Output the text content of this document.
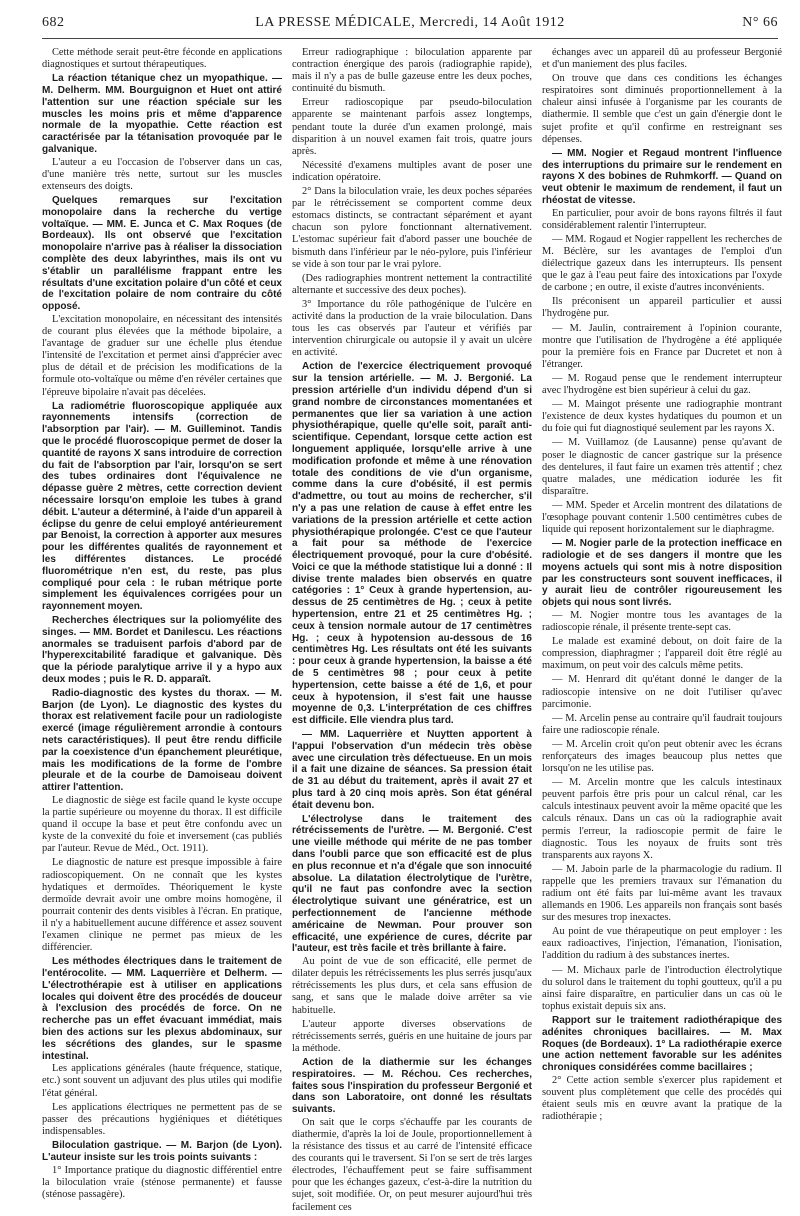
682	LA PRESSE MÉDICALE, Mercredi, 14 Août 1912	N° 66

Cette méthode serait peut-être féconde en applications diagnostiques et surtout thérapeutiques.

La réaction tétanique chez un myopathique. — M. Delherm. MM. Bourguignon et Huet ont attiré l'attention sur une réaction spéciale sur les muscles les moins pris et même d'apparence normale de la myopathie. Cette réaction est caractérisée par la tétanisation provoquée par le galvanique.

L'auteur a eu l'occasion de l'observer dans un cas, d'une manière très nette, surtout sur les muscles extenseurs des doigts.

Quelques remarques sur l'excitation monopolaire dans la recherche du vertige voltaïque. — MM. E. Junca et C. Max Roques (de Bordeaux). Ils ont observé que l'excitation monopolaire n'arrive pas à réaliser la dissociation complète des deux labyrinthes, mais ils ont vu s'établir un parallélisme frappant entre les résultats d'une excitation polaire d'un côté et ceux de l'excitation polaire de nom contraire du côté opposé.

L'excitation monopolaire, en nécessitant des intensités de courant plus élevées que la méthode bipolaire, a l'avantage de graduer sur une échelle plus étendue l'intensité de l'excitation et permet ainsi d'apprécier avec plus de détail et de précision les modifications de la formule oto-voltaïque ou même d'en révéler certaines que l'épreuve bipolaire n'avait pas décelées.

La radiométrie fluoroscopique appliquée aux rayonnements intensifs (correction de l'absorption par l'air). — M. Guilleminot. Tandis que le procédé fluoroscopique permet de doser la quantité de rayons X sans introduire de correction du fait de l'absorption par l'air, lorsqu'on se sert des tubes ordinaires dont l'équivalence ne dépasse guère 2 mètres, cette correction devient nécessaire lorsqu'on emploie les tubes à grand débit. L'auteur a déterminé, à l'aide d'un appareil à éclipse du genre de celui employé antérieurement par Benoist, la correction à apporter aux mesures pour les différentes qualités de rayonnement et les différentes distances. Le procédé fluorométrique n'en est, du reste, pas plus compliqué pour cela : le ruban métrique porte simplement les équivalences corrigées pour un rayonnement moyen.

Recherches électriques sur la poliomyélite des singes. — MM. Bordet et Danilescu. Les réactions anormales se traduisent parfois d'abord par de l'hyperexcitabilité faradique et galvanique. Dès que la période paralytique arrive il y a hypo aux deux modes ; puis le R. D. apparaît.

Radio-diagnostic des kystes du thorax. — M. Barjon (de Lyon). Le diagnostic des kystes du thorax est relativement facile pour un radiologiste exercé (image régulièrement arrondie à contours nets caractéristiques). Il peut être rendu difficile par la coexistence d'un épanchement pleurétique, mais les modifications de la forme de l'ombre pleurale et de la courbe de Damoiseau doivent attirer l'attention.

Le diagnostic de siège est facile quand le kyste occupe la partie supérieure ou moyenne du thorax. Il est difficile quand il occupe la base et peut être confondu avec un kyste de la convexité du foie et inversement (cas publiés par l'auteur. Revue de Méd., Oct. 1911).

Le diagnostic de nature est presque impossible à faire radioscopiquement. On ne connaît que les kystes hydatiques et dermoïdes. Théoriquement le kyste dermoïde devrait avoir une ombre moins homogène, il pourrait contenir des dents visibles à l'écran. En pratique, il n'y a habituellement aucune différence et assez souvent l'examen clinique ne permet pas mieux de les différencier.

Les méthodes électriques dans le traitement de l'entérocolite. — MM. Laquerrière et Delherm. — L'électrothérapie est à utiliser en applications locales qui doivent être des procédés de douceur à l'exclusion des procédés de force. On ne recherche pas un effet évacuant immédiat, mais bien des actions sur les plexus abdominaux, sur les sécrétions des glandes, sur le spasme intestinal.

Les applications générales (haute fréquence, statique, etc.) sont souvent un adjuvant des plus utiles qui modifie l'état général.

Les applications électriques ne permettent pas de se passer des précautions hygiéniques et diététiques indispensables.

Biloculation gastrique. — M. Barjon (de Lyon). L'auteur insiste sur les trois points suivants :

1° Importance pratique du diagnostic différentiel entre la biloculation vraie (sténose permanente) et fausse (sténose passagère).

Erreur radiographique : biloculation apparente par contraction énergique des parois (radiographie rapide), mais il n'y a pas de bulle gazeuse entre les deux poches, continuité du bismuth.

Erreur radioscopique par pseudo-biloculation apparente se maintenant parfois assez longtemps, pendant toute la durée d'un examen prolongé, mais disparition à un nouvel examen fait trois, quatre jours après.

Nécessité d'examens multiples avant de poser une indication opératoire.

2° Dans la biloculation vraie, les deux poches séparées par le rétrécissement se comportent comme deux estomacs distincts, se contractant séparément et ayant chacun son pylore fonctionnant alternativement. L'estomac supérieur fait d'abord passer une bouchée de bismuth dans l'inférieur par le néo-pylore, puis l'inférieur se vide à son tour par le vrai pylore.

(Des radiographies montrent nettement la contractilité alternante et successive des deux poches).

3° Importance du rôle pathogénique de l'ulcère en activité dans la production de la vraie biloculation. Dans tous les cas observés par l'auteur et vérifiés par intervention chirurgicale ou autopsie il y avait un ulcère en activité.

Action de l'exercice électriquement provoqué sur la tension artérielle. — M. J. Bergonié. La pression artérielle d'un individu dépend d'un si grand nombre de circonstances momentanées et permanentes que lier sa variation à une action physiothérapique, quelle qu'elle soit, paraît anti-scientifique. Cependant, lorsque cette action est longuement appliquée, lorsqu'elle arrive à une modification profonde et même à une rénovation totale des conditions de vie d'un organisme, comme dans la cure d'obésité, il est permis d'admettre, ou tout au moins de rechercher, s'il n'y a pas une relation de cause à effet entre les variations de la pression artérielle et cette action physiothérapique prolongée. C'est ce que l'auteur a fait pour sa méthode de l'exercice électriquement provoqué, pour la cure d'obésité. Voici ce que la méthode statistique lui a donné : Il divise trente malades bien observés en quatre catégories : 1° Ceux à grande hypertension, au-dessus de 25 centimètres de Hg. ; ceux à petite hypertension, entre 21 et 25 centimètres Hg. ; ceux à tension normale autour de 17 centimètres Hg. ; ceux à hypotension au-dessous de 16 centimètres Hg. Les résultats ont été les suivants : pour ceux à grande hypertension, la baisse a été de 5 centimètres 98 ; pour ceux à petite hypertension, cette baisse a été de 1,6, et pour ceux à hypotension, il s'est fait une hausse moyenne de 0,3. L'interprétation de ces chiffres est difficile. Elle viendra plus tard.

— MM. Laquerrière et Nuytten apportent à l'appui l'observation d'un médecin très obèse avec une circulation très défectueuse. En un mois il a fait une dizaine de séances. Sa pression était de 31 au début du traitement, après il avait 27 et plus tard à 20 cinq mois après. Son état général était devenu bon.

L'électrolyse dans le traitement des rétrécissements de l'urètre. — M. Bergonié. C'est une vieille méthode qui mérite de ne pas tomber dans l'oubli parce que son efficacité est de plus en plus reconnue et n'a d'égale que son innocuité absolue. La dilatation électrolytique de l'urètre, qu'il ne faut pas confondre avec la section électrolytique suivant une génératrice, est un perfectionnement de l'ancienne méthode américaine de Newman. Pour prouver son efficacité, une expérience de cures, décrite par l'auteur, est très facile et très brillante à faire.

Au point de vue de son efficacité, elle permet de dilater depuis les rétrécissements les plus serrés jusqu'aux rétrécissements les plus durs, et cela sans effusion de sang, et sans que le malade doive arrêter sa vie habituelle.

L'auteur apporte diverses observations de rétrécissements serrés, guéris en une huitaine de jours par la méthode.

Action de la diathermie sur les échanges respiratoires. — M. Réchou. Ces recherches, faites sous l'inspiration du professeur Bergonié et dans son Laboratoire, ont donné les résultats suivants.

On sait que le corps s'échauffe par les courants de diathermie, d'après la loi de Joule, proportionnellement à la résistance des tissus et au carré de l'intensité efficace des courants qui le traversent. Si l'on se sert de très larges électrodes, l'échauffement peut se faire suffisamment pour que les échanges gazeux, c'est-à-dire la nutrition du sujet, soit modifiée. Or, on peut mesurer aujourd'hui très facilement ces

échanges avec un appareil dû au professeur Bergonié et d'un maniement des plus faciles.

On trouve que dans ces conditions les échanges respiratoires sont diminués proportionnellement à la chaleur ainsi infusée à l'organisme par les courants de diathermie. Il semble que c'est un gain d'énergie dont le sujet profite et qu'il confirme en restreignant ses dépenses.

— MM. Nogier et Regaud montrent l'influence des interruptions du primaire sur le rendement en rayons X des bobines de Ruhmkorff. — Quand on veut obtenir le maximum de rendement, il faut un rhéostat de vitesse.

En particulier, pour avoir de bons rayons filtrés il faut considérablement ralentir l'interrupteur.

— MM. Rogaud et Nogier rappellent les recherches de M. Béclère, sur les avantages de l'emploi d'un diélectrique gazeux dans les interrupteurs. Ils pensent que le gaz à l'eau peut faire des intoxications par l'oxyde de carbone ; en outre, il existe d'autres inconvénients.

Ils préconisent un appareil particulier et aussi l'hydrogène pur.

— M. Jaulin, contrairement à l'opinion courante, montre que l'utilisation de l'hydrogène a été appliquée pour la première fois en France par Ducretet et non à l'étranger.

— M. Rogaud pense que le rendement interrupteur avec l'hydrogène est bien supérieur à celui du gaz.

— M. Maingot présente une radiographie montrant l'existence de deux kystes hydatiques du poumon et un du foie qui fut diagnostiqué seulement par les rayons X.

— M. Vuillamoz (de Lausanne) pense qu'avant de poser le diagnostic de cancer gastrique sur la présence des dentelures, il faut faire un examen très attentif ; chez quatre malades, une médication iodurée les fit disparaître.

— MM. Speder et Arcelin montrent des dilatations de l'œsophage pouvant contenir 1.500 centimètres cubes de liquide qui reposent horizontalement sur le diaphragme.

— M. Nogier parle de la protection inefficace en radiologie et de ses dangers il montre que les moyens actuels qui sont mis à notre disposition par les constructeurs sont souvent inefficaces, il y aurait lieu de contrôler rigoureusement les objets qui nous sont livrés.

— M. Nogier montre tous les avantages de la radioscopie rénale, il présente trente-sept cas.

Le malade est examiné debout, on doit faire de la compression, diaphragmer ; l'appareil doit être réglé au maximum, on peut voir des calculs même petits.

— M. Henrard dit qu'étant donné le danger de la radioscopie intensive on ne doit l'utiliser qu'avec parcimonie.

— M. Arcelin pense au contraire qu'il faudrait toujours faire une radioscopie rénale.

— M. Arcelin croit qu'on peut obtenir avec les écrans renforçateurs des images beaucoup plus nettes que lorsqu'on ne les utilise pas.

— M. Arcelin montre que les calculs intestinaux peuvent parfois être pris pour un calcul rénal, car les calculs intestinaux peuvent avoir la même opacité que les calculs rénaux. Dans un cas où la radiographie avait permis l'erreur, la radioscopie permit de faire le diagnostic. Tous les noyaux de fruits sont très transparents aux rayons X.

— M. Jaboin parle de la pharmacologie du radium. Il rappelle que les premiers travaux sur l'émanation du radium ont été faits par lui-même avant les travaux allemands en 1906. Les appareils non français sont basés sur des mesures trop inexactes.

Au point de vue thérapeutique on peut employer : les eaux radioactives, l'injection, l'émanation, l'ionisation, l'addition du radium à des substances inertes.

— M. Michaux parle de l'introduction électrolytique du solurol dans le traitement du tophi goutteux, qu'il a pu ainsi faire disparaître, en particulier dans un cas où le tophus existait depuis six ans.

Rapport sur le traitement radiothérapique des adénites chroniques bacillaires. — M. Max Roques (de Bordeaux). 1° La radiothérapie exerce une action nettement favorable sur les adénites chroniques considérées comme bacillaires ;

2° Cette action semble s'exercer plus rapidement et souvent plus complètement que celle des procédés qui étaient seuls mis en œuvre avant la pratique de la radiothérapie ;
